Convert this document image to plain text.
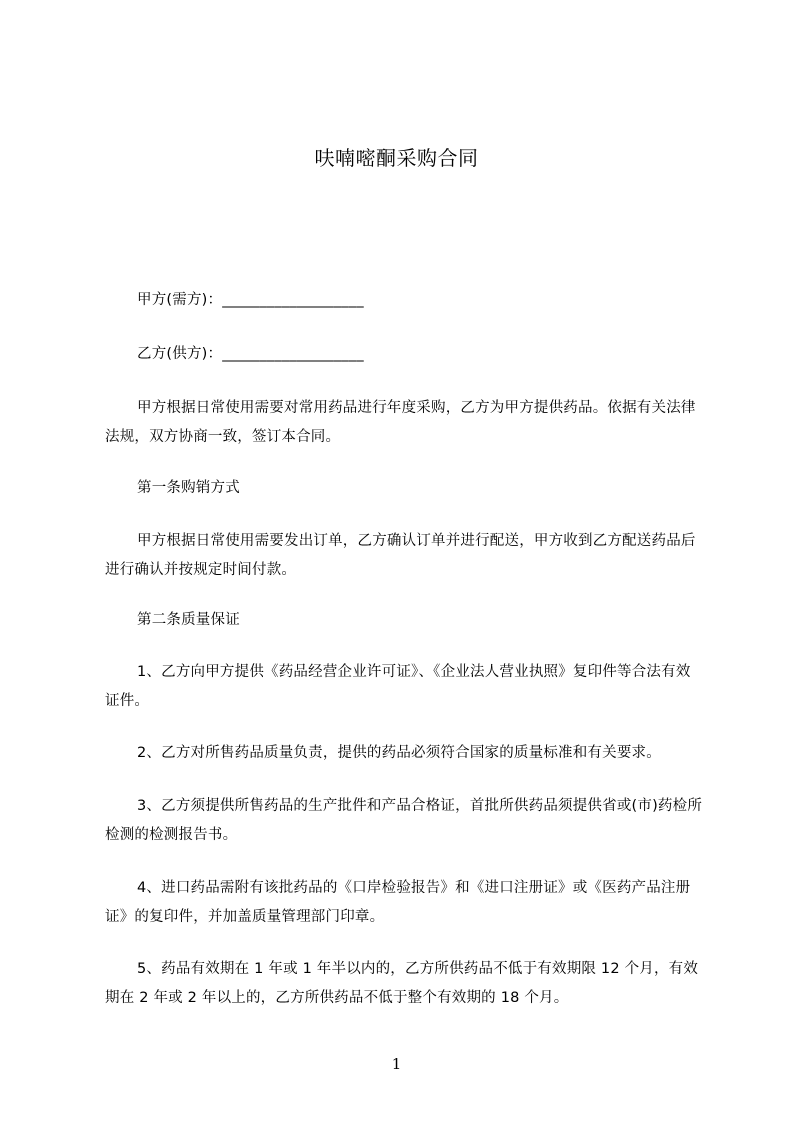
呋喃嘧酮采购合同

甲方(需方)：___________________

乙方(供方)：___________________

甲方根据日常使用需要对常用药品进行年度采购，乙方为甲方提供药品。依据有关法律法规，双方协商一致，签订本合同。

第一条购销方式

甲方根据日常使用需要发出订单，乙方确认订单并进行配送，甲方收到乙方配送药品后进行确认并按规定时间付款。

第二条质量保证

1、乙方向甲方提供《药品经营企业许可证》、《企业法人营业执照》复印件等合法有效证件。

2、乙方对所售药品质量负责，提供的药品必须符合国家的质量标准和有关要求。

3、乙方须提供所售药品的生产批件和产品合格证，首批所供药品须提供省或(市)药检所检测的检测报告书。

4、进口药品需附有该批药品的《口岸检验报告》和《进口注册证》或《医药产品注册证》的复印件，并加盖质量管理部门印章。

5、药品有效期在 1 年或 1 年半以内的，乙方所供药品不低于有效期限 12 个月，有效期在 2 年或 2 年以上的，乙方所供药品不低于整个有效期的 18 个月。

1
